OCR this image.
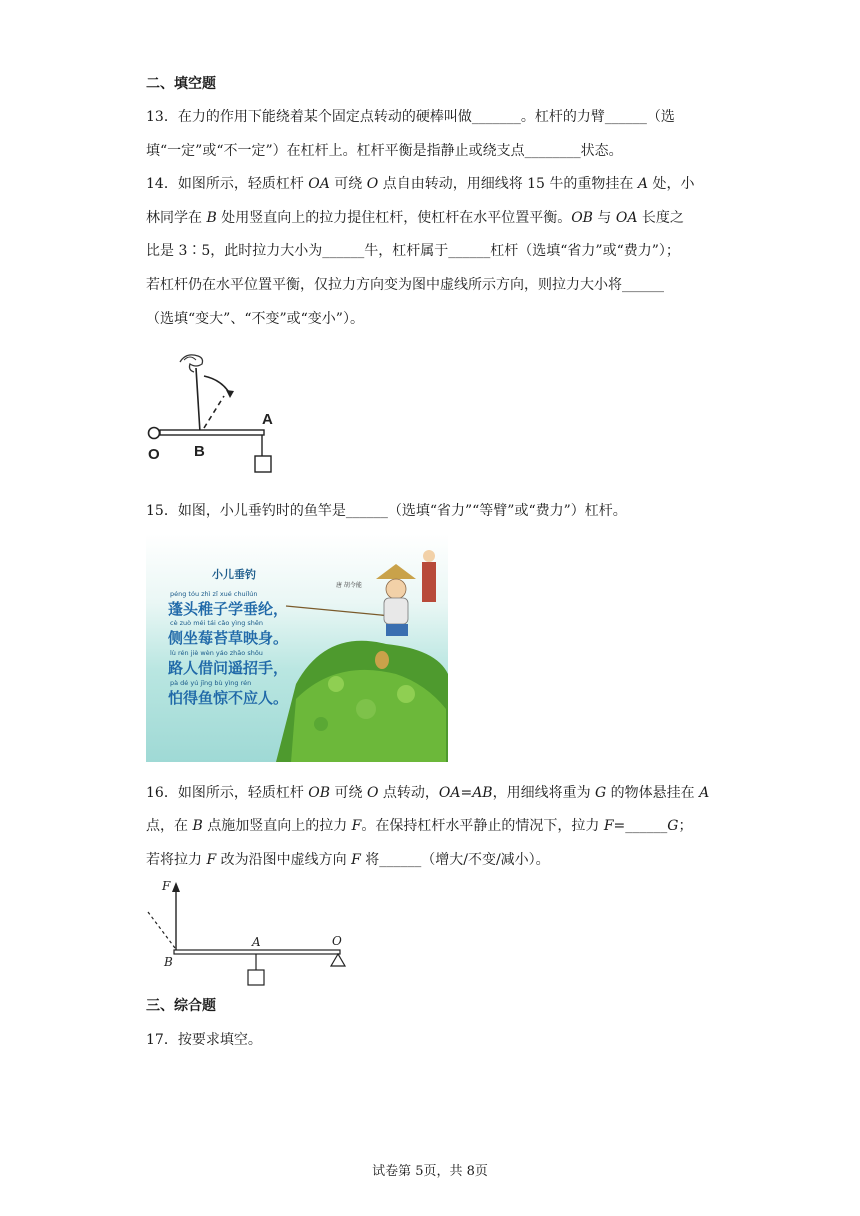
二、填空题
13．在力的作用下能绕着某个固定点转动的硬棒叫做_______。杠杆的力臂______（选
填“一定”或“不一定”）在杠杆上。杠杆平衡是指静止或绕支点________状态。
14．如图所示，轻质杠杆 OA 可绕 O 点自由转动，用细线将 15 牛的重物挂在 A 处，小
林同学在 B 处用竖直向上的拉力提住杠杆，使杠杆在水平位置平衡。OB 与 OA 长度之
比是 3∶5，此时拉力大小为______牛，杠杆属于______杠杆（选填“省力”或“费力”）；
若杠杆仍在水平位置平衡，仅拉力方向变为图中虚线所示方向，则拉力大小将______
（选填“变大”、“不变”或“变小”）。
A
O B
15．如图，小儿垂钓时的鱼竿是______（选填“省力”“等臂”或“费力”）杠杆。
小儿垂钓
唐 胡令能
péng tóu zhì zǐ xué chuílún
蓬头稚子学垂纶，
cè zuò méi tái cǎo yìng shēn
侧坐莓苔草映身。
lù rén jiè wèn yáo zhāo shǒu
路人借问遥招手，
pà dé yú jīng bù yìng rén
怕得鱼惊不应人。
16．如图所示，轻质杠杆 OB 可绕 O 点转动，OA=AB，用细线将重为 G 的物体悬挂在 A
点，在 B 点施加竖直向上的拉力 F。在保持杠杆水平静止的情况下，拉力 F=______G；
若将拉力 F 改为沿图中虚线方向 F 将______（增大/不变/减小）。
F
A	O
B
三、综合题
17．按要求填空。
试卷第 5页，共 8页
